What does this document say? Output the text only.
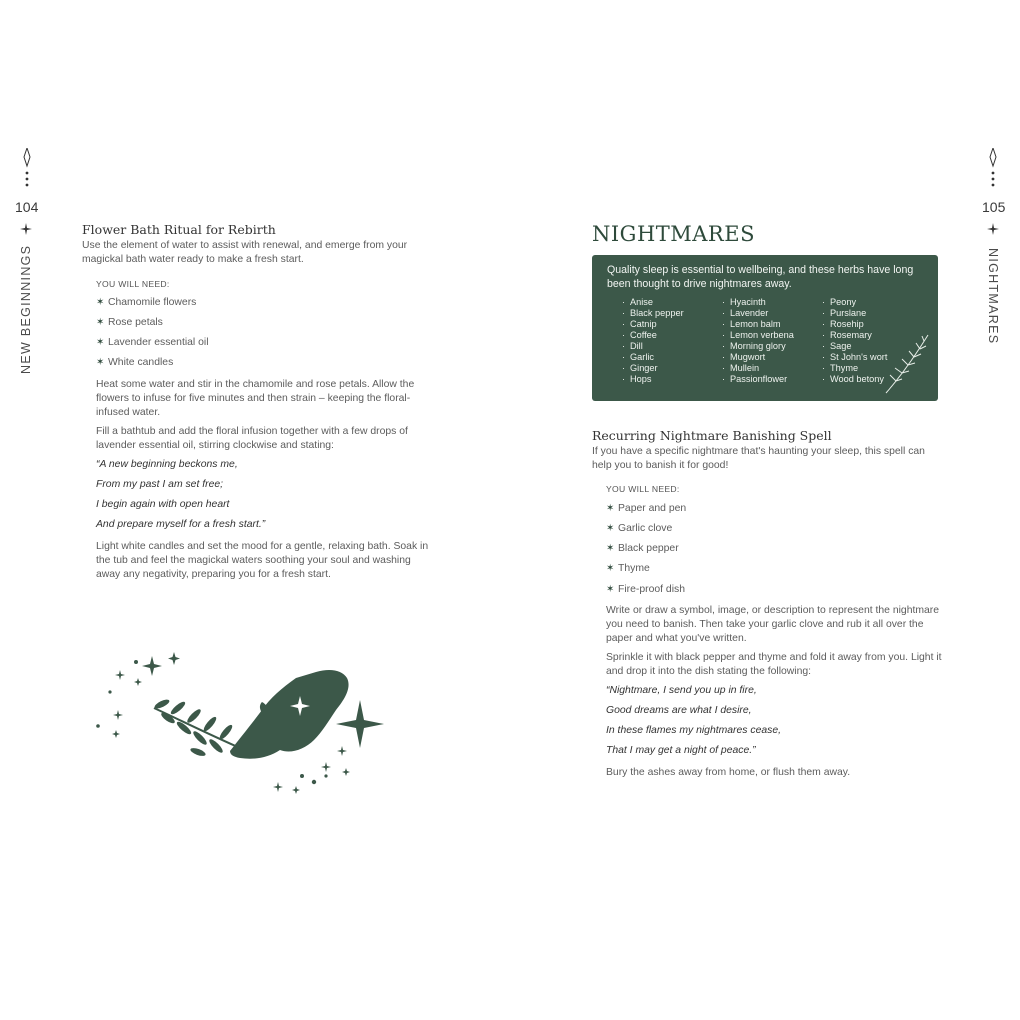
104
NEW BEGINNINGS
Flower Bath Ritual for Rebirth
Use the element of water to assist with renewal, and emerge from your magickal bath water ready to make a fresh start.
YOU WILL NEED:
✶ Chamomile flowers
✶ Rose petals
✶ Lavender essential oil
✶ White candles
Heat some water and stir in the chamomile and rose petals. Allow the flowers to infuse for five minutes and then strain – keeping the floral-infused water.
Fill a bathtub and add the floral infusion together with a few drops of lavender essential oil, stirring clockwise and stating:
“A new beginning beckons me,
From my past I am set free;
I begin again with open heart
And prepare myself for a fresh start.”
Light white candles and set the mood for a gentle, relaxing bath. Soak in the tub and feel the magickal waters soothing your soul and washing away any negativity, preparing you for a fresh start.
105
NIGHTMARES
NIGHTMARES
Quality sleep is essential to wellbeing, and these herbs have long been thought to drive nightmares away.
· Anise
· Black pepper
· Catnip
· Coffee
· Dill
· Garlic
· Ginger
· Hops
· Hyacinth
· Lavender
· Lemon balm
· Lemon verbena
· Morning glory
· Mugwort
· Mullein
· Passionflower
· Peony
· Purslane
· Rosehip
· Rosemary
· Sage
· St John's wort
· Thyme
· Wood betony
Recurring Nightmare Banishing Spell
If you have a specific nightmare that's haunting your sleep, this spell can help you to banish it for good!
YOU WILL NEED:
✶ Paper and pen
✶ Garlic clove
✶ Black pepper
✶ Thyme
✶ Fire-proof dish
Write or draw a symbol, image, or description to represent the nightmare you need to banish. Then take your garlic clove and rub it all over the paper and what you've written.
Sprinkle it with black pepper and thyme and fold it away from you. Light it and drop it into the dish stating the following:
“Nightmare, I send you up in fire,
Good dreams are what I desire,
In these flames my nightmares cease,
That I may get a night of peace.”
Bury the ashes away from home, or flush them away.
